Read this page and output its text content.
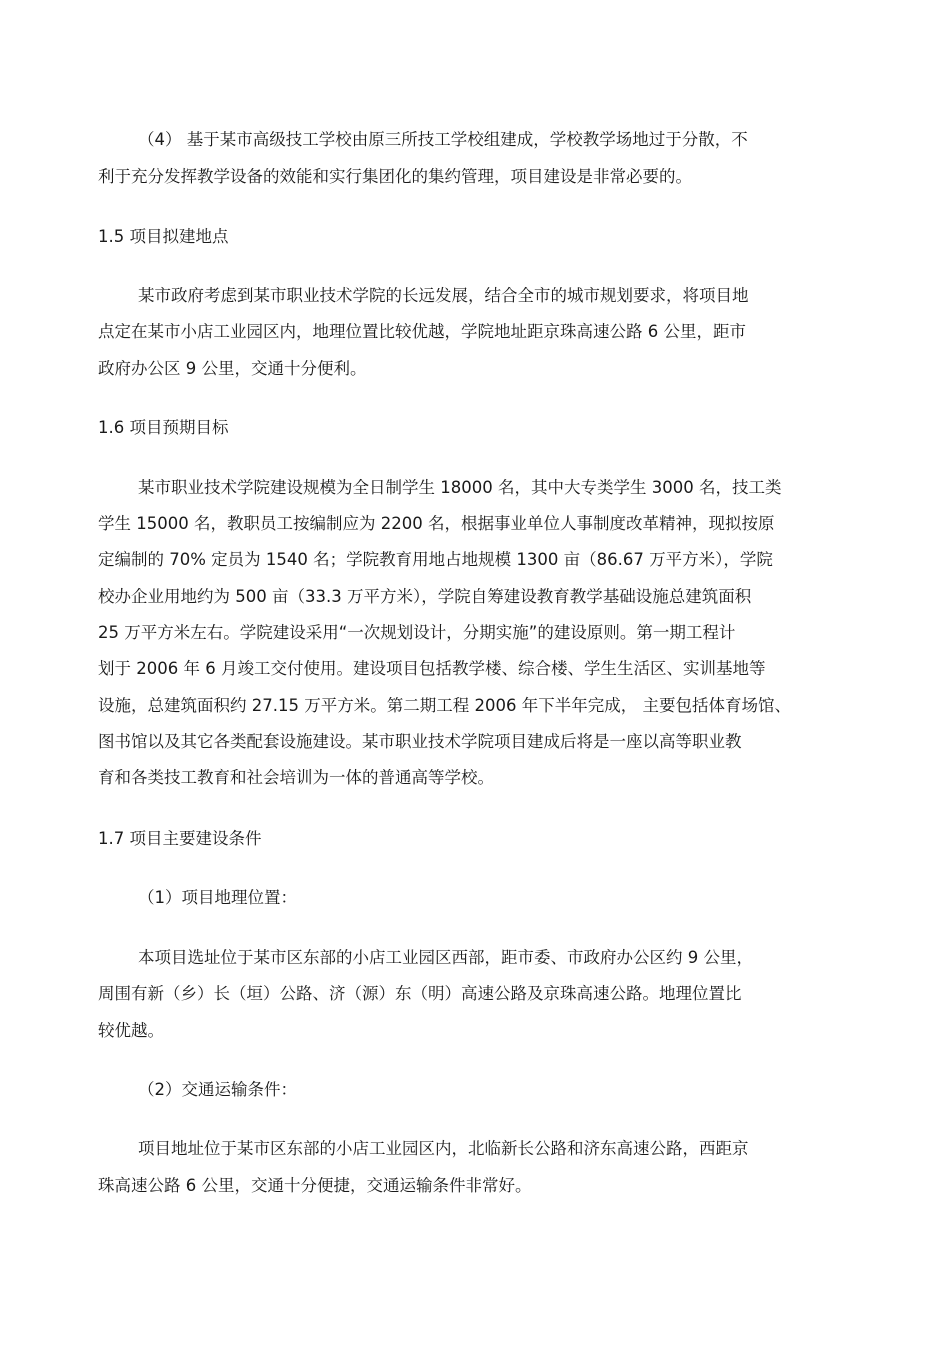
（4） 基于某市高级技工学校由原三所技工学校组建成，学校教学场地过于分散，不
利于充分发挥教学设备的效能和实行集团化的集约管理，项目建设是非常必要的。
1.5 项目拟建地点
某市政府考虑到某市职业技术学院的长远发展，结合全市的城市规划要求，将项目地
点定在某市小店工业园区内，地理位置比较优越，学院地址距京珠高速公路 6 公里，距市
政府办公区 9 公里，交通十分便利。
1.6 项目预期目标
某市职业技术学院建设规模为全日制学生 18000 名，其中大专类学生 3000 名，技工类
学生 15000 名，教职员工按编制应为 2200 名，根据事业单位人事制度改革精神，现拟按原
定编制的 70% 定员为 1540 名；学院教育用地占地规模 1300 亩（86.67 万平方米），学院
校办企业用地约为 500 亩（33.3 万平方米），学院自筹建设教育教学基础设施总建筑面积
25 万平方米左右。学院建设采用“一次规划设计，分期实施”的建设原则。第一期工程计
划于 2006 年 6 月竣工交付使用。建设项目包括教学楼、综合楼、学生生活区、实训基地等
设施，总建筑面积约 27.15 万平方米。第二期工程 2006 年下半年完成， 主要包括体育场馆、
图书馆以及其它各类配套设施建设。某市职业技术学院项目建成后将是一座以高等职业教
育和各类技工教育和社会培训为一体的普通高等学校。
1.7 项目主要建设条件
（1）项目地理位置：
本项目选址位于某市区东部的小店工业园区西部，距市委、市政府办公区约 9 公里，
周围有新（乡）长（垣）公路、济（源）东（明）高速公路及京珠高速公路。地理位置比
较优越。
（2）交通运输条件：
项目地址位于某市区东部的小店工业园区内，北临新长公路和济东高速公路，西距京
珠高速公路 6 公里，交通十分便捷，交通运输条件非常好。
